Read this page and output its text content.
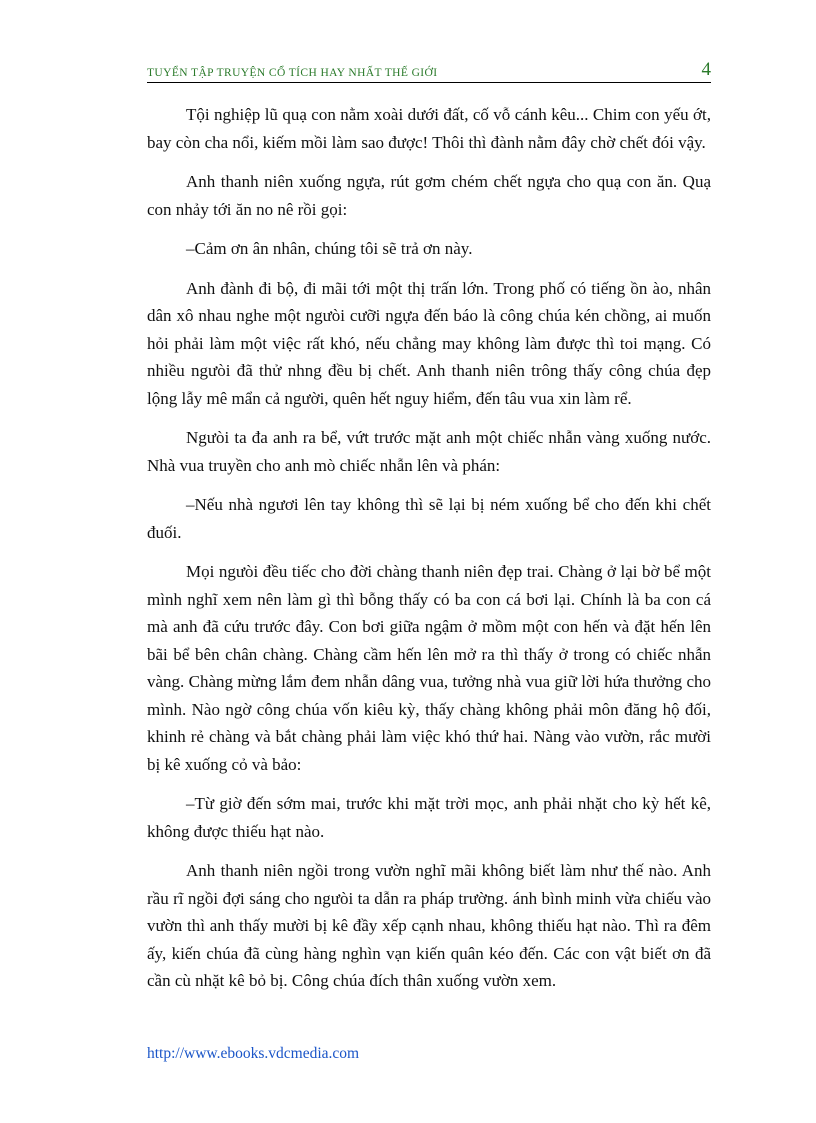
TUYỂN TẬP TRUYỆN CỔ TÍCH HAY NHẤT THẾ GIỚI	4

Tội nghiệp lũ quạ con nằm xoài dưới đất, cố vỗ cánh kêu... Chim con yếu ớt, bay còn cha nổi, kiếm mồi làm sao được! Thôi thì đành nằm đây chờ chết đói vậy.

Anh thanh niên xuống ngựa, rút gơm chém chết ngựa cho quạ con ăn. Quạ con nhảy tới ăn no nê rồi gọi:

–Cảm ơn ân nhân, chúng tôi sẽ trả ơn này.

Anh đành đi bộ, đi mãi tới một thị trấn lớn. Trong phố có tiếng ồn ào, nhân dân xô nhau nghe một ngưòi cưỡi ngựa đến báo là công chúa kén chồng, ai muốn hỏi phải làm một việc rất khó, nếu chẳng may không làm được thì toi mạng. Có nhiều ngưòi đã thử nhng đều bị chết. Anh thanh niên trông thấy công chúa đẹp lộng lẫy mê mẩn cả người, quên hết nguy hiểm, đến tâu vua xin làm rể.

Ngưòi ta đa anh ra bể, vứt trước mặt anh một chiếc nhẫn vàng xuống nước. Nhà vua truyền cho anh mò chiếc nhẫn lên và phán:

–Nếu nhà ngươi lên tay không thì sẽ lại bị ném xuống bể cho đến khi chết đuối.

Mọi ngưòi đều tiếc cho đời chàng thanh niên đẹp trai. Chàng ở lại bờ bể một mình nghĩ xem nên làm gì thì bỗng thấy có ba con cá bơi lại. Chính là ba con cá mà anh đã cứu trước đây. Con bơi giữa ngậm ở mồm một con hến và đặt hến lên bãi bể bên chân chàng. Chàng cầm hến lên mở ra thì thấy ở trong có chiếc nhẫn vàng. Chàng mừng lắm đem nhẫn dâng vua, tưởng nhà vua giữ lời hứa thưởng cho mình. Nào ngờ công chúa vốn kiêu kỳ, thấy chàng không phải môn đăng hộ đối, khinh rẻ chàng và bắt chàng phải làm việc khó thứ hai. Nàng vào vườn, rắc mười bị kê xuống cỏ và bảo:

–Từ giờ đến sớm mai, trước khi mặt trời mọc, anh phải nhặt cho kỳ hết kê, không được thiếu hạt nào.

Anh thanh niên ngồi trong vườn nghĩ mãi không biết làm như thế nào. Anh rầu rĩ ngồi đợi sáng cho ngưòi ta dẫn ra pháp trường. ánh bình minh vừa chiếu vào vườn thì anh thấy mười bị kê đầy xếp cạnh nhau, không thiếu hạt nào. Thì ra đêm ấy, kiến chúa đã cùng hàng nghìn vạn kiến quân kéo đến. Các con vật biết ơn đã cần cù nhặt kê bỏ bị. Công chúa đích thân xuống vườn xem.

http://www.ebooks.vdcmedia.com
